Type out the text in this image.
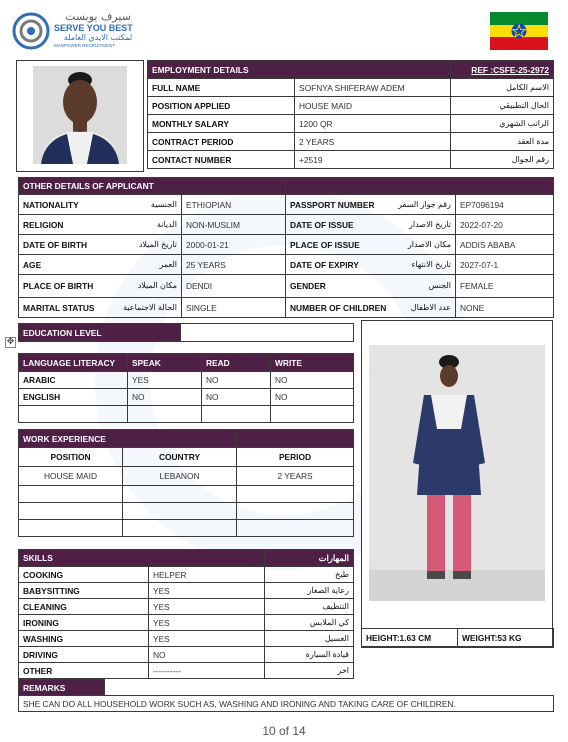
سيرف يوبست
SERVE YOU BEST
لمكتب الايدي العاملة
MANPOWER RECRUITMENT
EMPLOYMENT DETAILS		REF :CSFE-25-2972
FULL NAME	SOFNYA SHIFERAW ADEM	الاسم الكامل
POSITION APPLIED	HOUSE MAID	الحال التطبيقي
MONTHLY SALARY	1200 QR	الراتب الشهري
CONTRACT PERIOD	2 YEARS	مدة العقد
CONTACT NUMBER	+2519	رقم الجوال
OTHER DETAILS OF APPLICANT			
NATIONALITY الجنسية	ETHIOPIAN	PASSPORT NUMBER رقم جواز السفر	EP7096194
RELIGION الديانة	NON-MUSLIM	DATE OF ISSUE تاريخ الاصدار	2022-07-20
DATE OF BIRTH تاريخ الميلاد	2000-01-21	PLACE OF ISSUE مكان الاصدار	ADDIS ABABA
AGE العمر	25 YEARS	DATE OF EXPIRY تاريخ الانتهاء	2027-07-1
PLACE OF BIRTH مكان الميلاد	DENDI	GENDER الجنس	FEMALE
MARITAL STATUS الحالة الاجتماعية	SINGLE	NUMBER OF CHILDREN عدد الاطفال	NONE
✥
EDUCATION LEVEL	
LANGUAGE LITERACY	SPEAK	READ	WRITE
ARABIC	YES	NO	NO
ENGLISH	NO	NO	NO

WORK EXPERIENCE		
POSITION	COUNTRY	PERIOD
HOUSE MAID	LEBANON	2 YEARS

HEIGHT:1.63 CM	WEIGHT:53 KG
SKILLS		المهارات
COOKING	HELPER	طبخ
BABYSITTING	YES	رعاية الصغار
CLEANING	YES	التنظيف
IRONING	YES	كي الملابس
WASHING	YES	الغسيل
DRIVING	NO	قيادة السيارة
OTHER	----------	اخر
REMARKS	
SHE CAN DO ALL HOUSEHOLD WORK SUCH AS, WASHING AND IRONING AND TAKING CARE OF CHILDREN.
10 of 14
